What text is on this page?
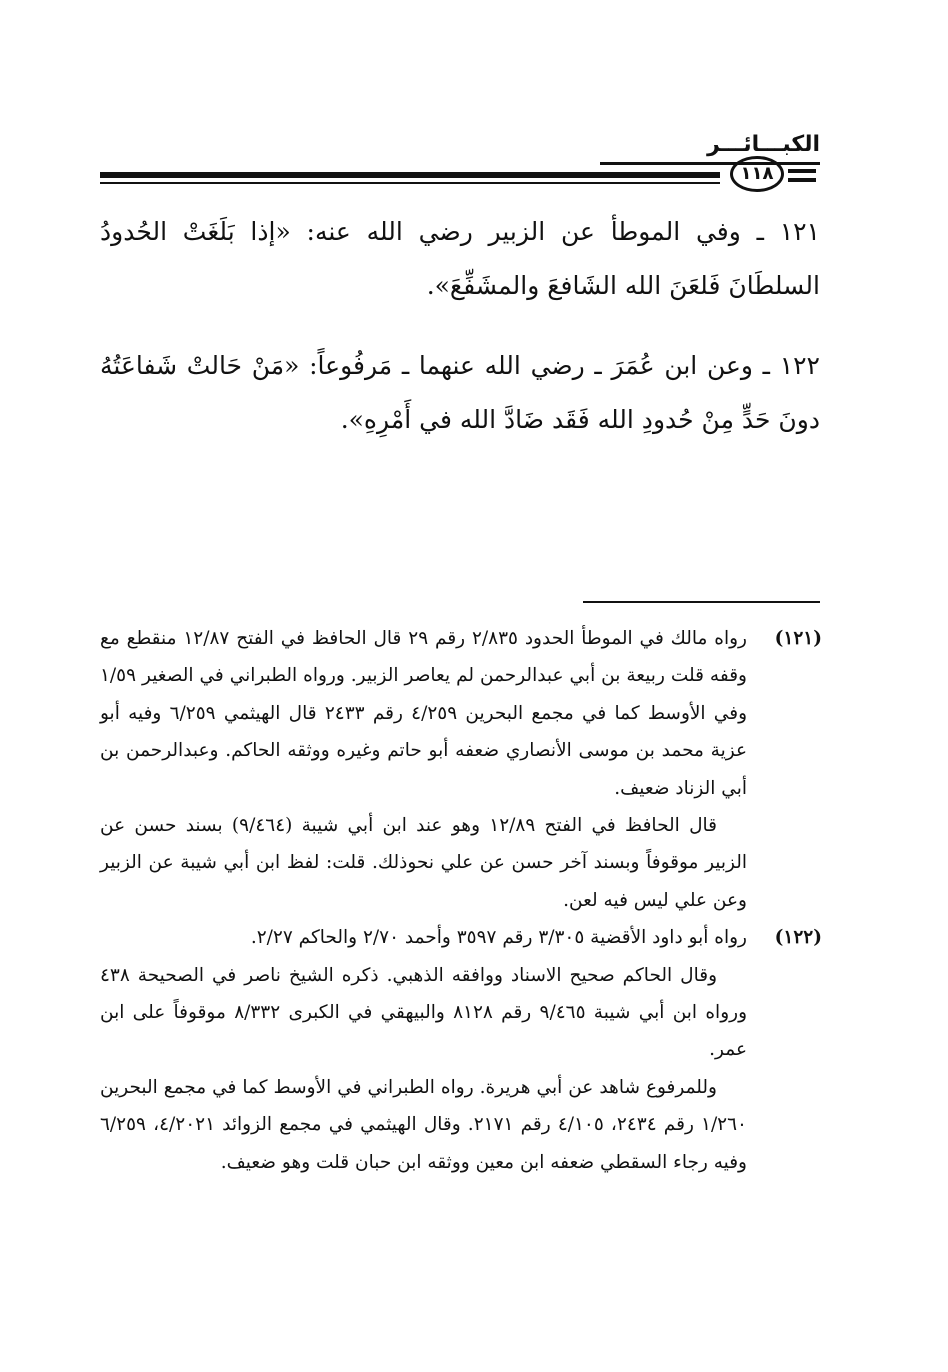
الكبـــائـــر
١١٨

١٢١ ـ وفي الموطأ عن الزبير رضي الله عنه: «إذا بَلَغَتْ الحُدودُ السلطَانَ فَلعَنَ الله الشَافعَ والمشَفِّعَ».

١٢٢ ـ وعن ابن عُمَرَ ـ رضي الله عنهما ـ مَرفُوعاً: «مَنْ حَالتْ شَفاعَتُهُ دونَ حَدٍّ مِنْ حُدودِ الله فَقَد ضَادَّ الله في أَمْرِهِ».

(١٢١)

رواه مالك في الموطأ الحدود ٢/٨٣٥ رقم ٢٩ قال الحافظ في الفتح ١٢/٨٧ منقطع مع وقفه قلت ربيعة بن أبي عبدالرحمن لم يعاصر الزبير. ورواه الطبراني في الصغير ١/٥٩ وفي الأوسط كما في مجمع البحرين ٤/٢٥٩ رقم ٢٤٣٣ قال الهيثمي ٦/٢٥٩ وفيه أبو عزية محمد بن موسى الأنصاري ضعفه أبو حاتم وغيره ووثقه الحاكم. وعبدالرحمن بن أبي الزناد ضعيف.

قال الحافظ في الفتح ١٢/٨٩ وهو عند ابن أبي شيبة (٩/٤٦٤) بسند حسن عن الزبير موقوفاً وبسند آخر حسن عن علي نحوذلك. قلت: لفظ ابن أبي شيبة عن الزبير وعن علي ليس فيه لعن.

(١٢٢)

رواه أبو داود الأقضية ٣/٣٠٥ رقم ٣٥٩٧ وأحمد ٢/٧٠ والحاكم ٢/٢٧.

وقال الحاكم صحيح الاسناد ووافقه الذهبي. ذكره الشيخ ناصر في الصحيحة ٤٣٨ ورواه ابن أبي شيبة ٩/٤٦٥ رقم ٨١٢٨ والبيهقي في الكبرى ٨/٣٣٢ موقوفاً على ابن عمر.

وللمرفوع شاهد عن أبي هريرة. رواه الطبراني في الأوسط كما في مجمع البحرين ١/٢٦٠ رقم ٢٤٣٤، ٤/١٠٥ رقم ٢١٧١. وقال الهيثمي في مجمع الزوائد ٤/٢٠٢١، ٦/٢٥٩ وفيه رجاء السقطي ضعفه ابن معين ووثقه ابن حبان قلت وهو ضعيف.
